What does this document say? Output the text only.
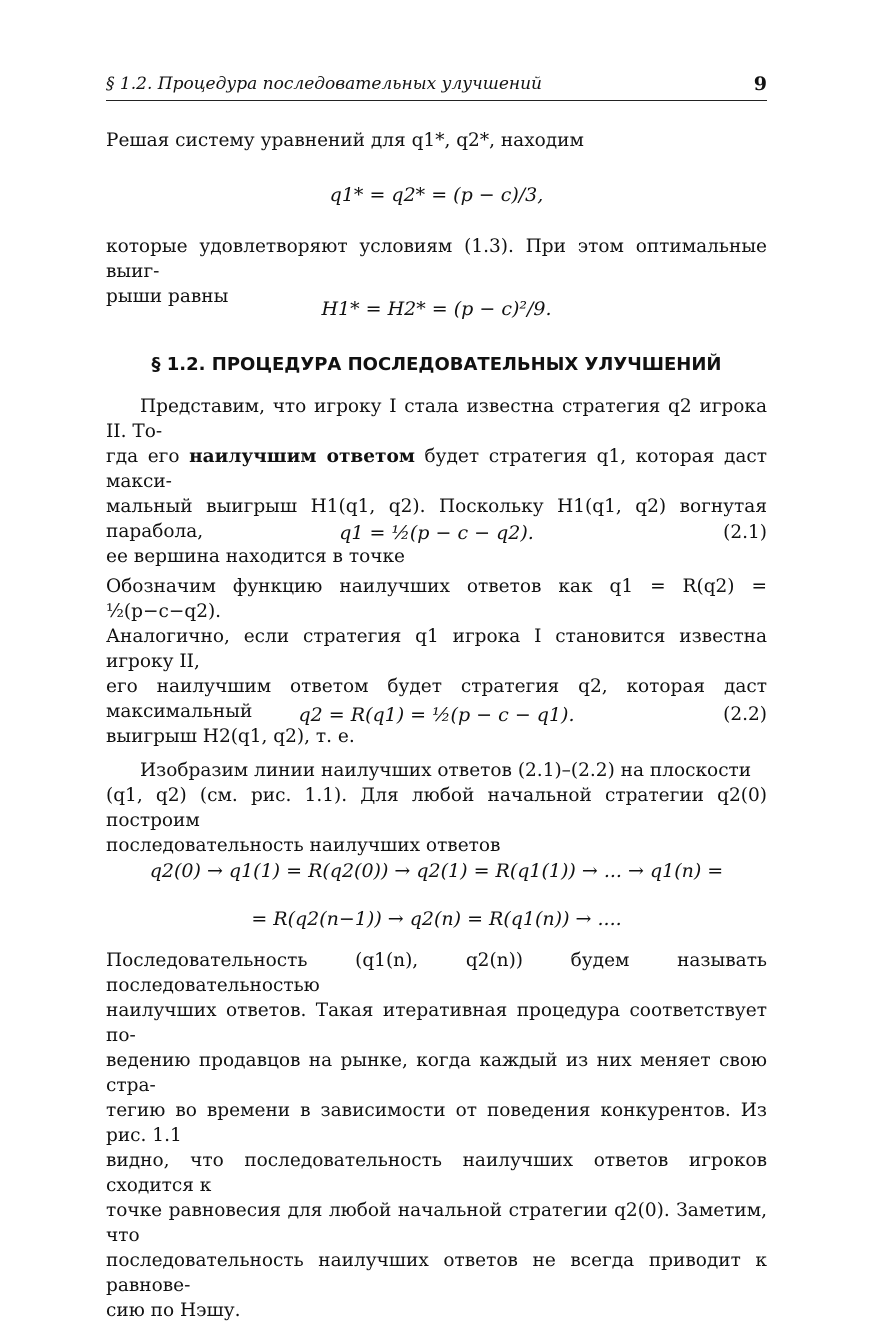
§ 1.2. Процедура последовательных улучшений	9
Решая систему уравнений для q1*, q2*, находим
q1* = q2* = (p − c)/3,
которые удовлетворяют условиям (1.3). При этом оптимальные выиг-
рыши равны
H1* = H2* = (p − c)²/9.
§ 1.2. ПРОЦЕДУРА ПОСЛЕДОВАТЕЛЬНЫХ УЛУЧШЕНИЙ
Представим, что игроку I стала известна стратегия q2 игрока II. То-
гда его наилучшим ответом будет стратегия q1, которая даст макси-
мальный выигрыш H1(q1, q2). Поскольку H1(q1, q2) вогнутая парабола,
ее вершина находится в точке
q1 = ½(p − c − q2).	(2.1)
Обозначим функцию наилучших ответов как q1 = R(q2) = ½(p−c−q2).
Аналогично, если стратегия q1 игрока I становится известна игроку II,
его наилучшим ответом будет стратегия q2, которая даст максимальный
выигрыш H2(q1, q2), т. е.
q2 = R(q1) = ½(p − c − q1).	(2.2)
Изобразим линии наилучших ответов (2.1)–(2.2) на плоскости
(q1, q2) (см. рис. 1.1). Для любой начальной стратегии q2(0) построим
последовательность наилучших ответов
q2(0) → q1(1) = R(q2(0)) → q2(1) = R(q1(1)) → ... → q1(n) =
= R(q2(n−1)) → q2(n) = R(q1(n)) → ....
Последовательность (q1(n), q2(n)) будем называть последовательностью
наилучших ответов. Такая итеративная процедура соответствует по-
ведению продавцов на рынке, когда каждый из них меняет свою стра-
тегию во времени в зависимости от поведения конкурентов. Из рис. 1.1
видно, что последовательность наилучших ответов игроков сходится к
точке равновесия для любой начальной стратегии q2(0). Заметим, что
последовательность наилучших ответов не всегда приводит к равнове-
сию по Нэшу.
